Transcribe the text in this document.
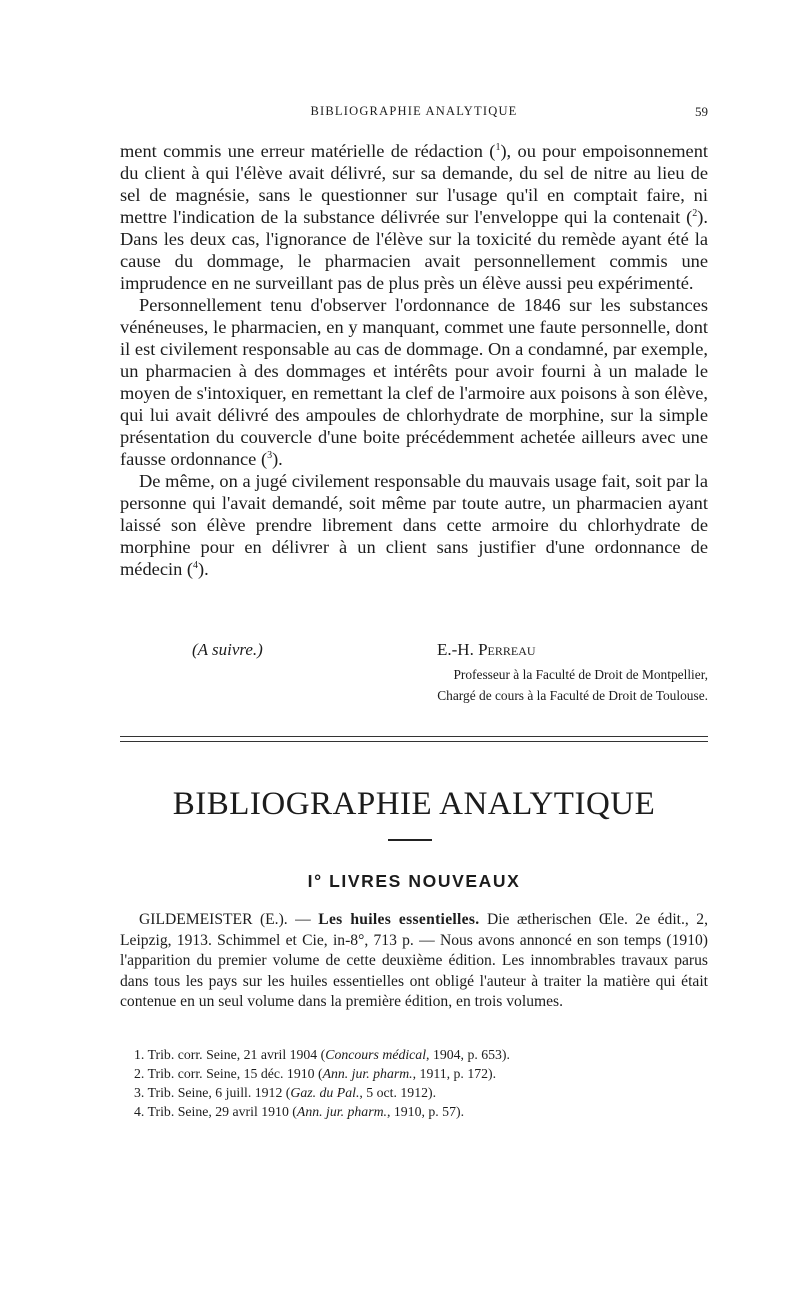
BIBLIOGRAPHIE ANALYTIQUE	59

ment commis une erreur matérielle de rédaction ($^1$), ou pour empoisonnement du client à qui l'élève avait délivré, sur sa demande, du sel de nitre au lieu de sel de magnésie, sans le questionner sur l'usage qu'il en comptait faire, ni mettre l'indication de la substance délivrée sur l'enveloppe qui la contenait ($^2$). Dans les deux cas, l'ignorance de l'élève sur la toxicité du remède ayant été la cause du dommage, le pharmacien avait personnellement commis une imprudence en ne surveillant pas de plus près un élève aussi peu expérimenté.

Personnellement tenu d'observer l'ordonnance de 1846 sur les substances vénéneuses, le pharmacien, en y manquant, commet une faute personnelle, dont il est civilement responsable au cas de dommage. On a condamné, par exemple, un pharmacien à des dommages et intérêts pour avoir fourni à un malade le moyen de s'intoxiquer, en remettant la clef de l'armoire aux poisons à son élève, qui lui avait délivré des ampoules de chlorhydrate de morphine, sur la simple présentation du couvercle d'une boite précédemment achetée ailleurs avec une fausse ordonnance ($^3$).

De même, on a jugé civilement responsable du mauvais usage fait, soit par la personne qui l'avait demandé, soit même par toute autre, un pharmacien ayant laissé son élève prendre librement dans cette armoire du chlorhydrate de morphine pour en délivrer à un client sans justifier d'une ordonnance de médecin ($^4$).

(A suivre.)	E.-H. Perreau
Professeur à la Faculté de Droit de Montpellier,
Chargé de cours à la Faculté de Droit de Toulouse.
BIBLIOGRAPHIE ANALYTIQUE
I° LIVRES NOUVEAUX

GILDEMEISTER (E.). — Les huiles essentielles. Die ætherischen Œle. 2e édit., 2, Leipzig, 1913. Schimmel et Cie, in-8°, 713 p. — Nous avons annoncé en son temps (1910) l'apparition du premier volume de cette deuxième édition. Les innombrables travaux parus dans tous les pays sur les huiles essentielles ont obligé l'auteur à traiter la matière qui était contenue en un seul volume dans la première édition, en trois volumes.

1. Trib. corr. Seine, 21 avril 1904 (Concours médical, 1904, p. 653).
2. Trib. corr. Seine, 15 déc. 1910 (Ann. jur. pharm., 1911, p. 172).
3. Trib. Seine, 6 juill. 1912 (Gaz. du Pal., 5 oct. 1912).
4. Trib. Seine, 29 avril 1910 (Ann. jur. pharm., 1910, p. 57).
